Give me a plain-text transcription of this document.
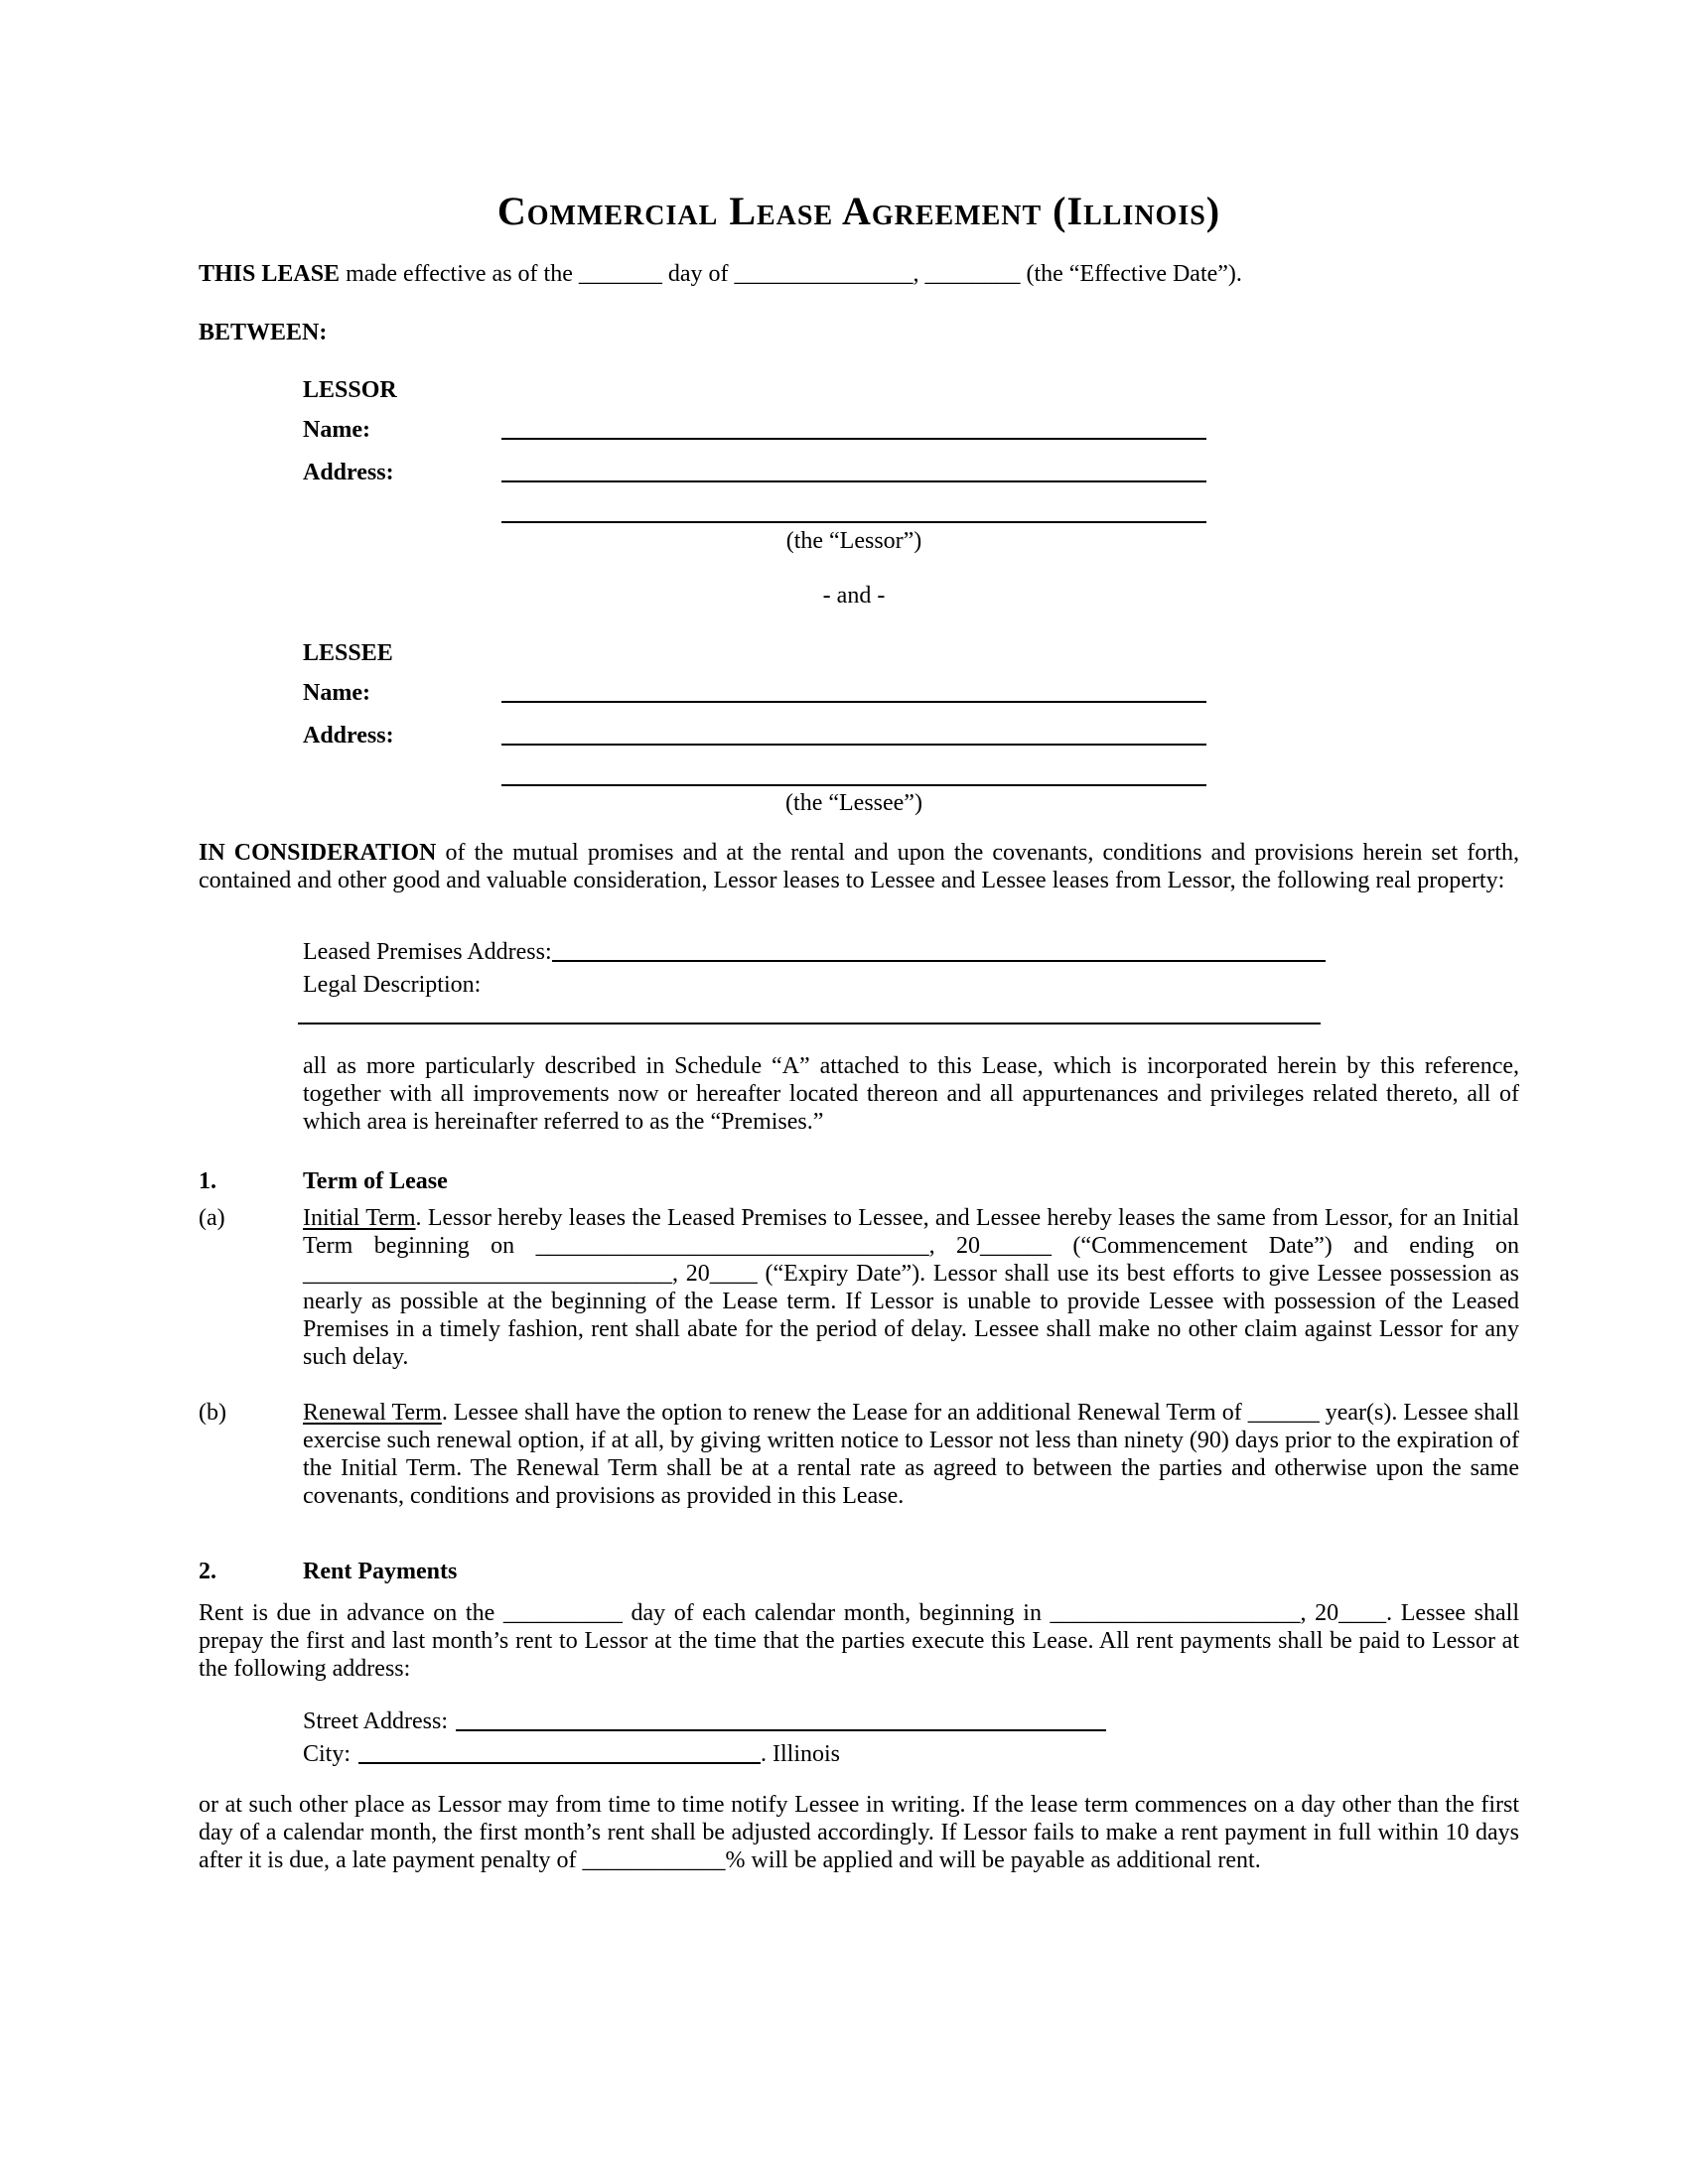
Commercial Lease Agreement (Illinois)

THIS LEASE made effective as of the _______ day of _______________, ________ (the “Effective Date”).

BETWEEN:

LESSOR

Name:
Address:

(the “Lessor”)

- and -

LESSEE

Name:
Address:

(the “Lessee”)

IN CONSIDERATION of the mutual promises and at the rental and upon the covenants, conditions and provisions herein set forth, contained and other good and valuable consideration, Lessor leases to Lessee and Lessee leases from Lessor, the following real property:

Leased Premises Address:

Legal Description:

all as more particularly described in Schedule “A” attached to this Lease, which is incorporated herein by this reference, together with all improvements now or hereafter located thereon and all appurtenances and privileges related thereto, all of which area is hereinafter referred to as the “Premises.”

1.	Term of Lease
(a)	Initial Term. Lessor hereby leases the Leased Premises to Lessee, and Lessee hereby leases the same from Lessor, for an Initial Term beginning on _________________________________, 20______ (“Commencement Date”) and ending on _______________________________, 20____ (“Expiry Date”). Lessor shall use its best efforts to give Lessee possession as nearly as possible at the beginning of the Lease term. If Lessor is unable to provide Lessee with possession of the Leased Premises in a timely fashion, rent shall abate for the period of delay. Lessee shall make no other claim against Lessor for any such delay.
(b)	Renewal Term. Lessee shall have the option to renew the Lease for an additional Renewal Term of ______ year(s). Lessee shall exercise such renewal option, if at all, by giving written notice to Lessor not less than ninety (90) days prior to the expiration of the Initial Term. The Renewal Term shall be at a rental rate as agreed to between the parties and otherwise upon the same covenants, conditions and provisions as provided in this Lease.
2.	Rent Payments

Rent is due in advance on the __________ day of each calendar month, beginning in _____________________, 20____. Lessee shall prepay the first and last month’s rent to Lessor at the time that the parties execute this Lease. All rent payments shall be paid to Lessor at the following address:

Street Address:
City:	. Illinois

or at such other place as Lessor may from time to time notify Lessee in writing. If the lease term commences on a day other than the first day of a calendar month, the first month’s rent shall be adjusted accordingly. If Lessor fails to make a rent payment in full within 10 days after it is due, a late payment penalty of ____________% will be applied and will be payable as additional rent.
